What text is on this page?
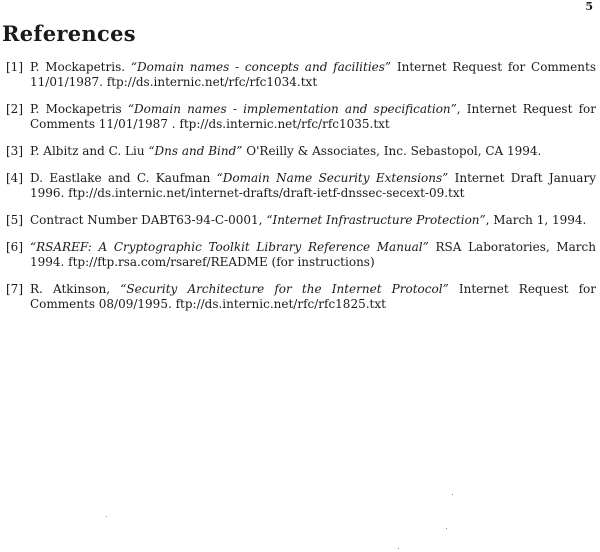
5
References
[1] P. Mockapetris. “Domain names - concepts and facilities” Internet Request for Comments 11/01/1987. ftp://ds.internic.net/rfc/rfc1034.txt
[2] P. Mockapetris “Domain names - implementation and specification”, Internet Request for Comments 11/01/1987 . ftp://ds.internic.net/rfc/rfc1035.txt
[3] P. Albitz and C. Liu “Dns and Bind” O'Reilly & Associates, Inc. Sebastopol, CA 1994.
[4] D. Eastlake and C. Kaufman “Domain Name Security Extensions” Internet Draft January 1996. ftp://ds.internic.net/internet-drafts/draft-ietf-dnssec-secext-09.txt
[5] Contract Number DABT63-94-C-0001, “Internet Infrastructure Protection”, March 1, 1994.
[6] “RSAREF: A Cryptographic Toolkit Library Reference Manual” RSA Laboratories, March 1994. ftp://ftp.rsa.com/rsaref/README (for instructions)
[7] R. Atkinson, “Security Architecture for the Internet Protocol” Internet Request for Comments 08/09/1995. ftp://ds.internic.net/rfc/rfc1825.txt
